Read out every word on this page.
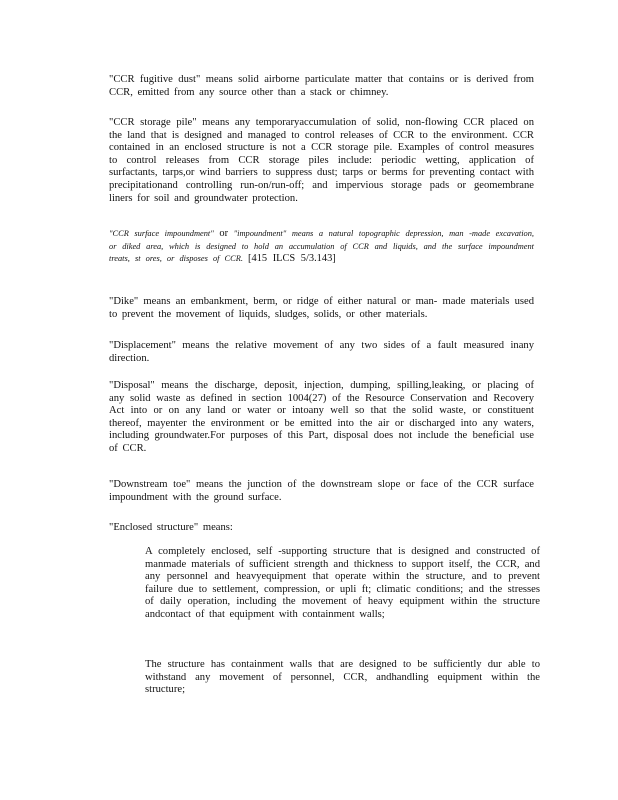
"CCR fugitive dust" means solid airborne particulate matter that contains or is derived from CCR, emitted from any source other than a stack or chimney.

"CCR storage pile" means any temporaryaccumulation of solid, non-flowing CCR placed on the land that is designed and managed to control releases of CCR to the environment. CCR contained in an enclosed structure is not a CCR storage pile. Examples of control measures to control releases from CCR storage piles include: periodic wetting, application of surfactants, tarps,or wind barriers to suppress dust; tarps or berms for preventing contact with precipitationand controlling run-on/run-off; and impervious storage pads or geomembrane liners for soil and groundwater protection.

"CCR surface impoundment" or "impoundment" means a natural topographic depression, man -made excavation, or diked area, which is designed to hold an accumulation of CCR and liquids, and the surface impoundment treats, st ores, or disposes of CCR. [415 ILCS 5/3.143]

"Dike" means an embankment, berm, or ridge of either natural or man- made materials used to prevent the movement of liquids, sludges, solids, or other materials.

"Displacement" means the relative movement of any two sides of a fault measured inany direction.

"Disposal" means the discharge, deposit, injection, dumping, spilling,leaking, or placing of any solid waste as defined in section 1004(27) of the Resource Conservation and Recovery Act into or on any land or water or intoany well so that the solid waste, or constituent thereof, mayenter the environment or be emitted into the air or discharged into any waters, including groundwater.For purposes of this Part, disposal does not include the beneficial use of CCR.

"Downstream toe" means the junction of the downstream slope or face of the CCR surface impoundment with the ground surface.

"Enclosed structure" means:

A completely enclosed, self -supporting structure that is designed and constructed of manmade materials of sufficient strength and thickness to support itself, the CCR, and any personnel and heavyequipment that operate within the structure, and to prevent failure due to settlement, compression, or upli ft; climatic conditions; and the stresses of daily operation, including the movement of heavy equipment within the structure andcontact of that equipment with containment walls;

The structure has containment walls that are designed to be sufficiently dur able to withstand any movement of personnel, CCR, andhandling equipment within the structure;
